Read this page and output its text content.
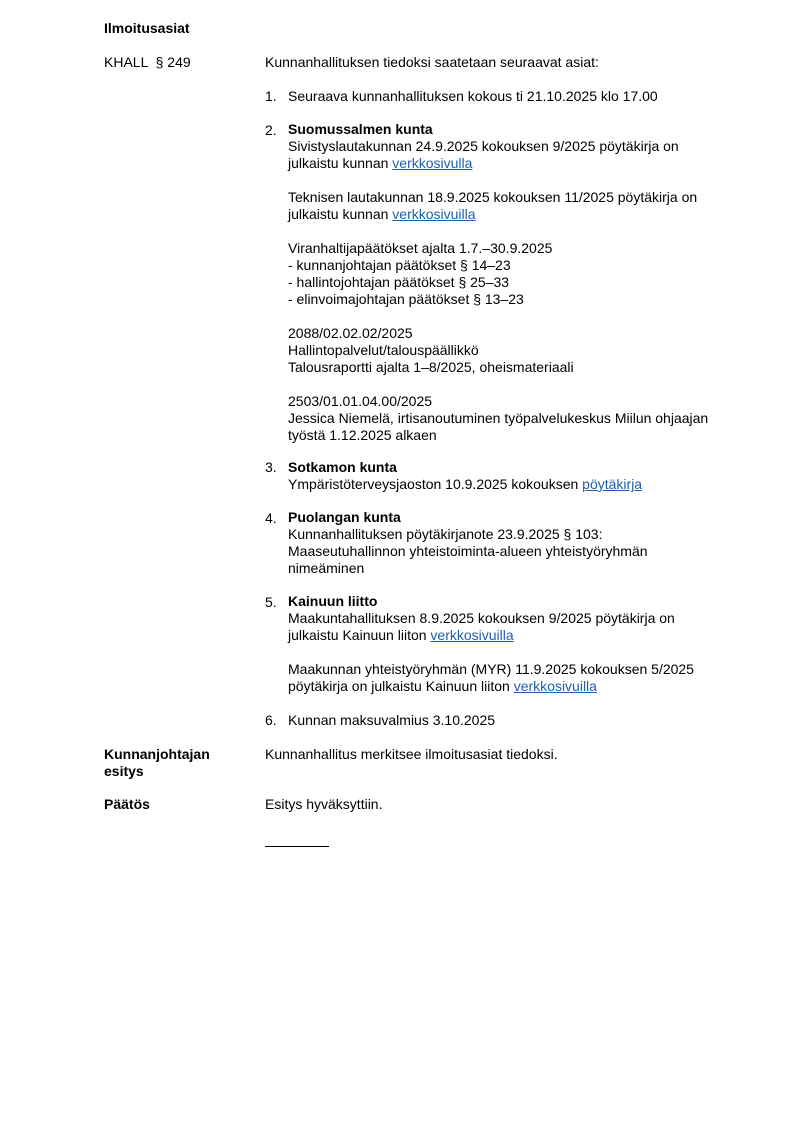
Ilmoitusasiat
KHALL  § 249	Kunnanhallituksen tiedoksi saatetaan seuraavat asiat:
1. Seuraava kunnanhallituksen kokous ti 21.10.2025 klo 17.00
2. Suomussalmen kunta
Sivistyslautakunnan 24.9.2025 kokouksen 9/2025 pöytäkirja on
julkaistu kunnan verkkosivulla

Teknisen lautakunnan 18.9.2025 kokouksen 11/2025 pöytäkirja on
julkaistu kunnan verkkosivuilla

Viranhaltijapäätökset ajalta 1.7.–30.9.2025
- kunnanjohtajan päätökset § 14–23
- hallintojohtajan päätökset § 25–33
- elinvoimajohtajan päätökset § 13–23

2088/02.02.02/2025
Hallintopalvelut/talouspäällikkö
Talousraportti ajalta 1–8/2025, oheismateriaali

2503/01.01.04.00/2025
Jessica Niemelä, irtisanoutuminen työpalvelukeskus Miilun ohjaajan
työstä 1.12.2025 alkaen
3. Sotkamon kunta
Ympäristöterveysjaoston 10.9.2025 kokouksen pöytäkirja
4. Puolangan kunta
Kunnanhallituksen pöytäkirjanote 23.9.2025 § 103:
Maaseutuhallinnon yhteistoiminta-alueen yhteistyöryhmän
nimeäminen
5. Kainuun liitto
Maakuntahallituksen 8.9.2025 kokouksen 9/2025 pöytäkirja on
julkaistu Kainuun liiton verkkosivuilla

Maakunnan yhteistyöryhmän (MYR) 11.9.2025 kokouksen 5/2025
pöytäkirja on julkaistu Kainuun liiton verkkosivuilla
6. Kunnan maksuvalmius 3.10.2025
Kunnanjohtajan
esitys
Kunnanhallitus merkitsee ilmoitusasiat tiedoksi.
Päätös	Esitys hyväksyttiin.
